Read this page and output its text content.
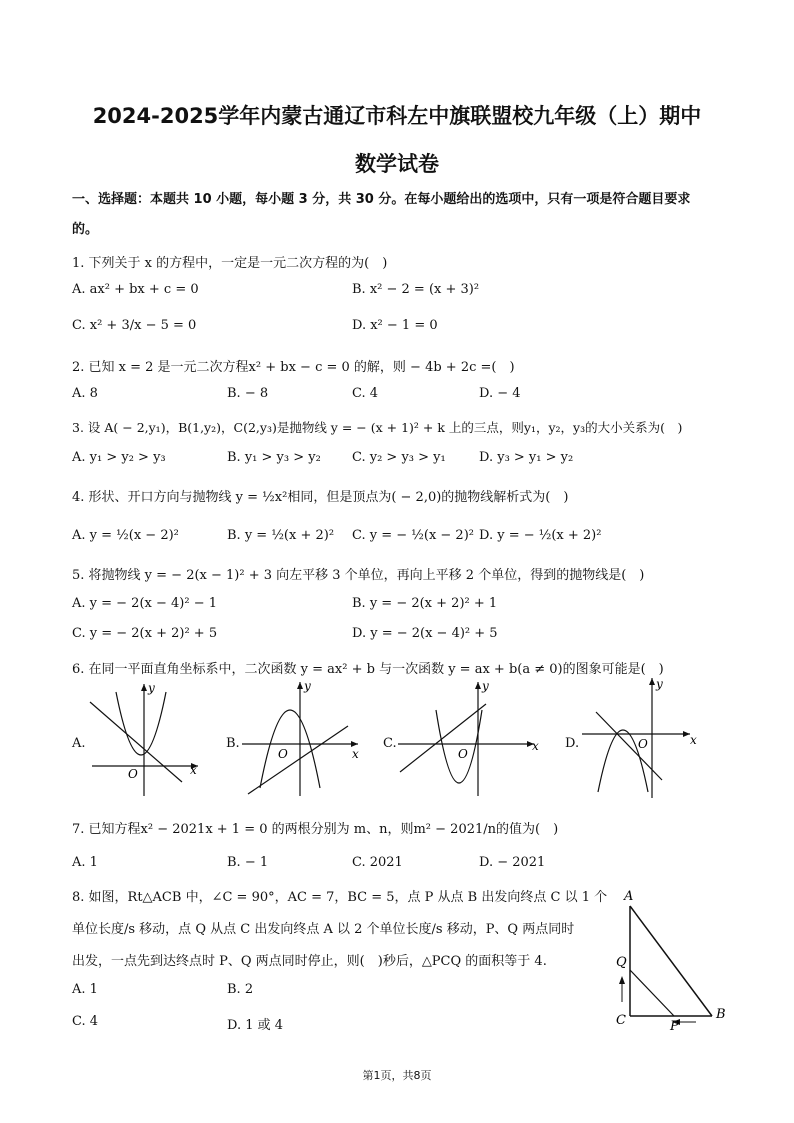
2024-2025学年内蒙古通辽市科左中旗联盟校九年级（上）期中
数学试卷
一、选择题：本题共 10 小题，每小题 3 分，共 30 分。在每小题给出的选项中，只有一项是符合题目要求
的。
1. 下列关于 x 的方程中，一定是一元二次方程的为(　)
A. ax² + bx + c = 0	B. x² − 2 = (x + 3)²
C. x² + 3/x − 5 = 0	D. x² − 1 = 0
2. 已知 x = 2 是一元二次方程x² + bx − c = 0 的解，则 − 4b + 2c =(　)
A. 8	B. − 8	C. 4	D. − 4
3. 设 A( − 2,y₁)，B(1,y₂)，C(2,y₃)是抛物线 y = − (x + 1)² + k 上的三点，则y₁，y₂，y₃的大小关系为(　)
A. y₁ > y₂ > y₃	B. y₁ > y₃ > y₂ C. y₂ > y₃ > y₁	D. y₃ > y₁ > y₂
4. 形状、开口方向与抛物线 y = ½x²相同，但是顶点为( − 2,0)的抛物线解析式为(　)
A. y = ½(x − 2)²	B. y = ½(x + 2)² C. y = − ½(x − 2)² D. y = − ½(x + 2)²
5. 将抛物线 y = − 2(x − 1)² + 3 向左平移 3 个单位，再向上平移 2 个单位，得到的抛物线是(　)
A. y = − 2(x − 4)² − 1	B. y = − 2(x + 2)² + 1
C. y = − 2(x + 2)² + 5	D. y = − 2(x − 4)² + 5
6. 在同一平面直角坐标系中，二次函数 y = ax² + b 与一次函数 y = ax + b(a ≠ 0)的图象可能是(　)
A.
x
y
O
B.
x
y
O
C.	x
y
O
D.	x
y
O
7. 已知方程x² − 2021x + 1 = 0 的两根分别为 m、n，则m² − 2021/n的值为(　)
A. 1	B. − 1	C. 2021	D. − 2021
8. 如图，Rt△ACB 中，∠C = 90°，AC = 7，BC = 5，点 P 从点 B 出发向终点 C 以 1 个
单位长度/s 移动，点 Q 从点 C 出发向终点 A 以 2 个单位长度/s 移动，P、Q 两点同时
出发，一点先到达终点时 P、Q 两点同时停止，则(　)秒后，△PCQ 的面积等于 4.
A. 1	B. 2
C. 4	D. 1 或 4
A
Q
C	P
B
第1页，共8页
